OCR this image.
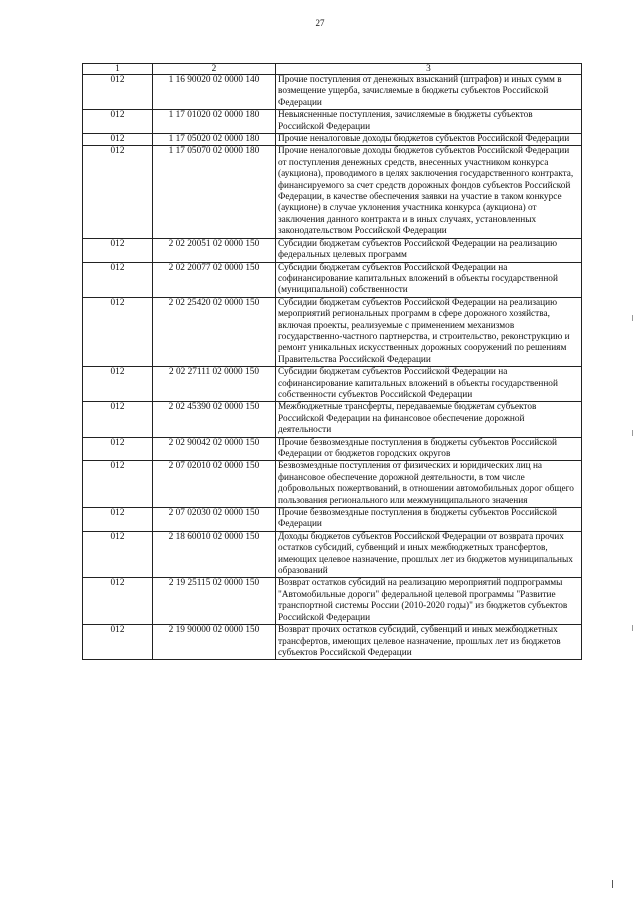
27
1	2	3
012	1 16 90020 02 0000 140	Прочие поступления от денежных взысканий (штрафов) и иных сумм в возмещение ущерба, зачисляемые в бюджеты субъектов Российской Федерации
012	1 17 01020 02 0000 180	Невыясненные поступления, зачисляемые в бюджеты субъектов Российской Федерации
012	1 17 05020 02 0000 180	Прочие неналоговые доходы бюджетов субъектов Российской Федерации
012	1 17 05070 02 0000 180	Прочие неналоговые доходы бюджетов субъектов Российской Федерации от поступления денежных средств, внесенных участником конкурса (аукциона), проводимого в целях заключения государственного контракта, финансируемого за счет средств дорожных фондов субъектов Российской Федерации, в качестве обеспечения заявки на участие в таком конкурсе (аукционе) в случае уклонения участника конкурса (аукциона) от заключения данного контракта и в иных случаях, установленных законодательством Российской Федерации
012	2 02 20051 02 0000 150	Субсидии бюджетам субъектов Российской Федерации на реализацию федеральных целевых программ
012	2 02 20077 02 0000 150	Субсидии бюджетам субъектов Российской Федерации на софинансирование капитальных вложений в объекты государственной (муниципальной) собственности
012	2 02 25420 02 0000 150	Субсидии бюджетам субъектов Российской Федерации на реализацию мероприятий региональных программ в сфере дорожного хозяйства, включая проекты, реализуемые с применением механизмов государственно-частного партнерства, и строительство, реконструкцию и ремонт уникальных искусственных дорожных сооружений по решениям Правительства Российской Федерации
012	2 02 27111 02 0000 150	Субсидии бюджетам субъектов Российской Федерации на софинансирование капитальных вложений в объекты государственной собственности субъектов Российской Федерации
012	2 02 45390 02 0000 150	Межбюджетные трансферты, передаваемые бюджетам субъектов Российской Федерации на финансовое обеспечение дорожной деятельности
012	2 02 90042 02 0000 150	Прочие безвозмездные поступления в бюджеты субъектов Российской Федерации от бюджетов городских округов
012	2 07 02010 02 0000 150	Безвозмездные поступления от физических и юридических лиц на финансовое обеспечение дорожной деятельности, в том числе добровольных пожертвований, в отношении автомобильных дорог общего пользования регионального или межмуниципального значения
012	2 07 02030 02 0000 150	Прочие безвозмездные поступления в бюджеты субъектов Российской Федерации
012	2 18 60010 02 0000 150	Доходы бюджетов субъектов Российской Федерации от возврата прочих остатков субсидий, субвенций и иных межбюджетных трансфертов, имеющих целевое назначение, прошлых лет из бюджетов муниципальных образований
012	2 19 25115 02 0000 150	Возврат остатков субсидий на реализацию мероприятий подпрограммы "Автомобильные дороги" федеральной целевой программы "Развитие транспортной системы России (2010-2020 годы)" из бюджетов субъектов Российской Федерации
012	2 19 90000 02 0000 150	Возврат прочих остатков субсидий, субвенций и иных межбюджетных трансфертов, имеющих целевое назначение, прошлых лет из бюджетов субъектов Российской Федерации
